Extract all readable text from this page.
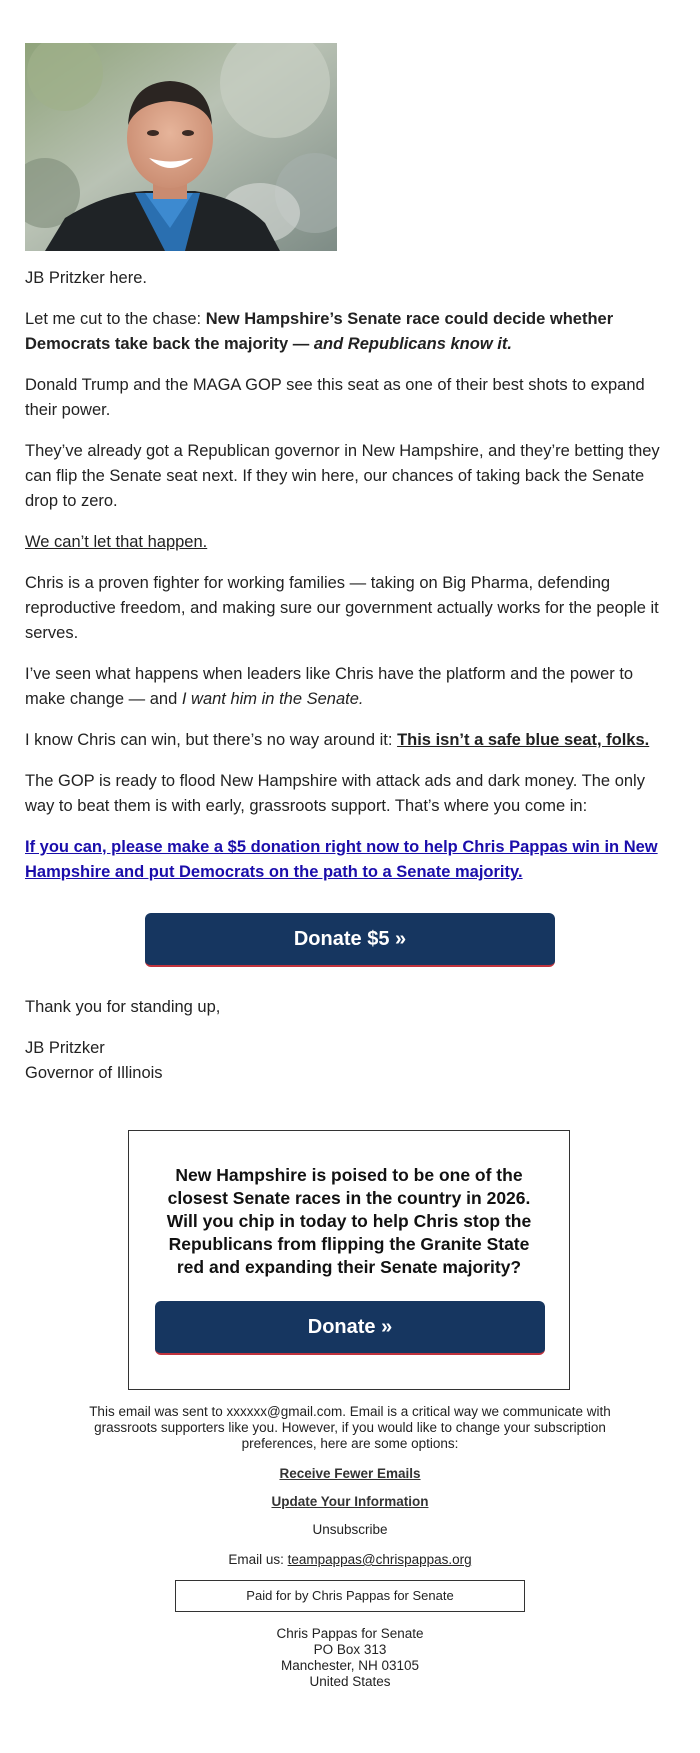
JB Pritzker here.

Let me cut to the chase: New Hampshire’s Senate race could decide whether Democrats take back the majority — and Republicans know it.

Donald Trump and the MAGA GOP see this seat as one of their best shots to expand their power.

They’ve already got a Republican governor in New Hampshire, and they’re betting they can flip the Senate seat next. If they win here, our chances of taking back the Senate drop to zero.

We can’t let that happen.

Chris is a proven fighter for working families — taking on Big Pharma, defending reproductive freedom, and making sure our government actually works for the people it serves.

I’ve seen what happens when leaders like Chris have the platform and the power to make change — and I want him in the Senate.

I know Chris can win, but there’s no way around it: This isn’t a safe blue seat, folks.

The GOP is ready to flood New Hampshire with attack ads and dark money. The only way to beat them is with early, grassroots support. That’s where you come in:

If you can, please make a $5 donation right now to help Chris Pappas win in New Hampshire and put Democrats on the path to a Senate majority.

Donate $5 »

Thank you for standing up,

JB Pritzker
Governor of Illinois

New Hampshire is poised to be one of the closest Senate races in the country in 2026. Will you chip in today to help Chris stop the Republicans from flipping the Granite State red and expanding their Senate majority?

Donate »
This email was sent to xxxxxx@gmail.com. Email is a critical way we communicate with grassroots supporters like you. However, if you would like to change your subscription preferences, here are some options:
Receive Fewer Emails
Update Your Information
Unsubscribe
Email us: teampappas@chrispappas.org
Paid for by Chris Pappas for Senate
Chris Pappas for Senate
PO Box 313
Manchester, NH 03105
United States
